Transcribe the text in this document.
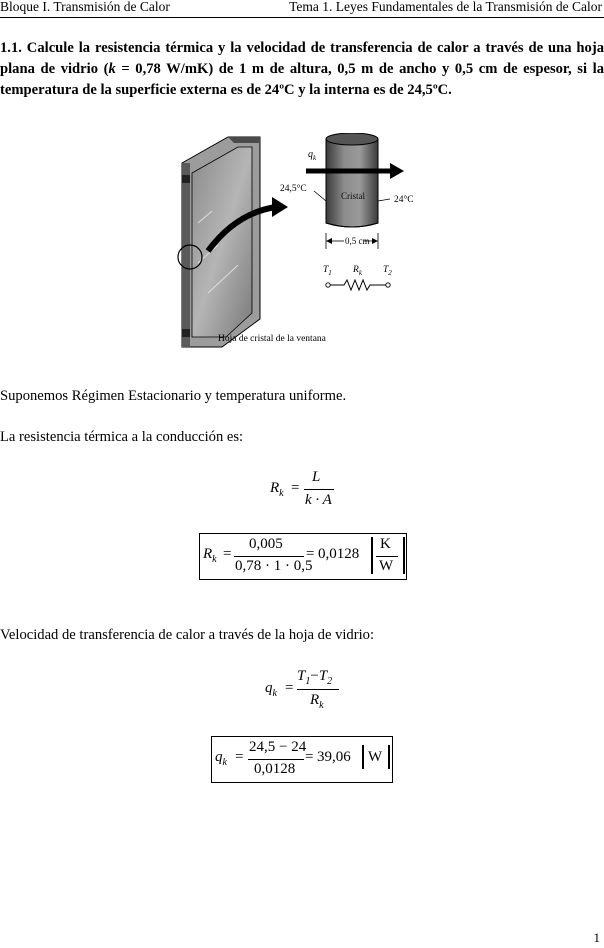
Bloque I. Transmisión de Calor	Tema 1. Leyes Fundamentales de la Transmisión de Calor
1.1. Calcule la resistencia térmica y la velocidad de transferencia de calor a través de una hoja plana de vidrio (k = 0,78 W/mK) de 1 m de altura, 0,5 m de ancho y 0,5 cm de espesor, si la temperatura de la superficie externa es de 24ºC y la interna es de 24,5ºC.
$q_k$
24,5°C
24°C
Cristal
0,5 cm
$T_1$ $R_k$ $T_2$
Hoja de cristal de la ventana
Suponemos Régimen Estacionario y temperatura uniforme.
La resistencia térmica a la conducción es:
$R_k$ =
L
k · A
$R_k$ =
0,005
0,78 · 1 · 0,5
= 0,0128
K
W
Velocidad de transferencia de calor a través de la hoja de vidrio:
$q_k$ =
$T_1-T_2$
$R_k$
$q_k$ =
24,5 − 24
0,0128
= 39,06 W
1
